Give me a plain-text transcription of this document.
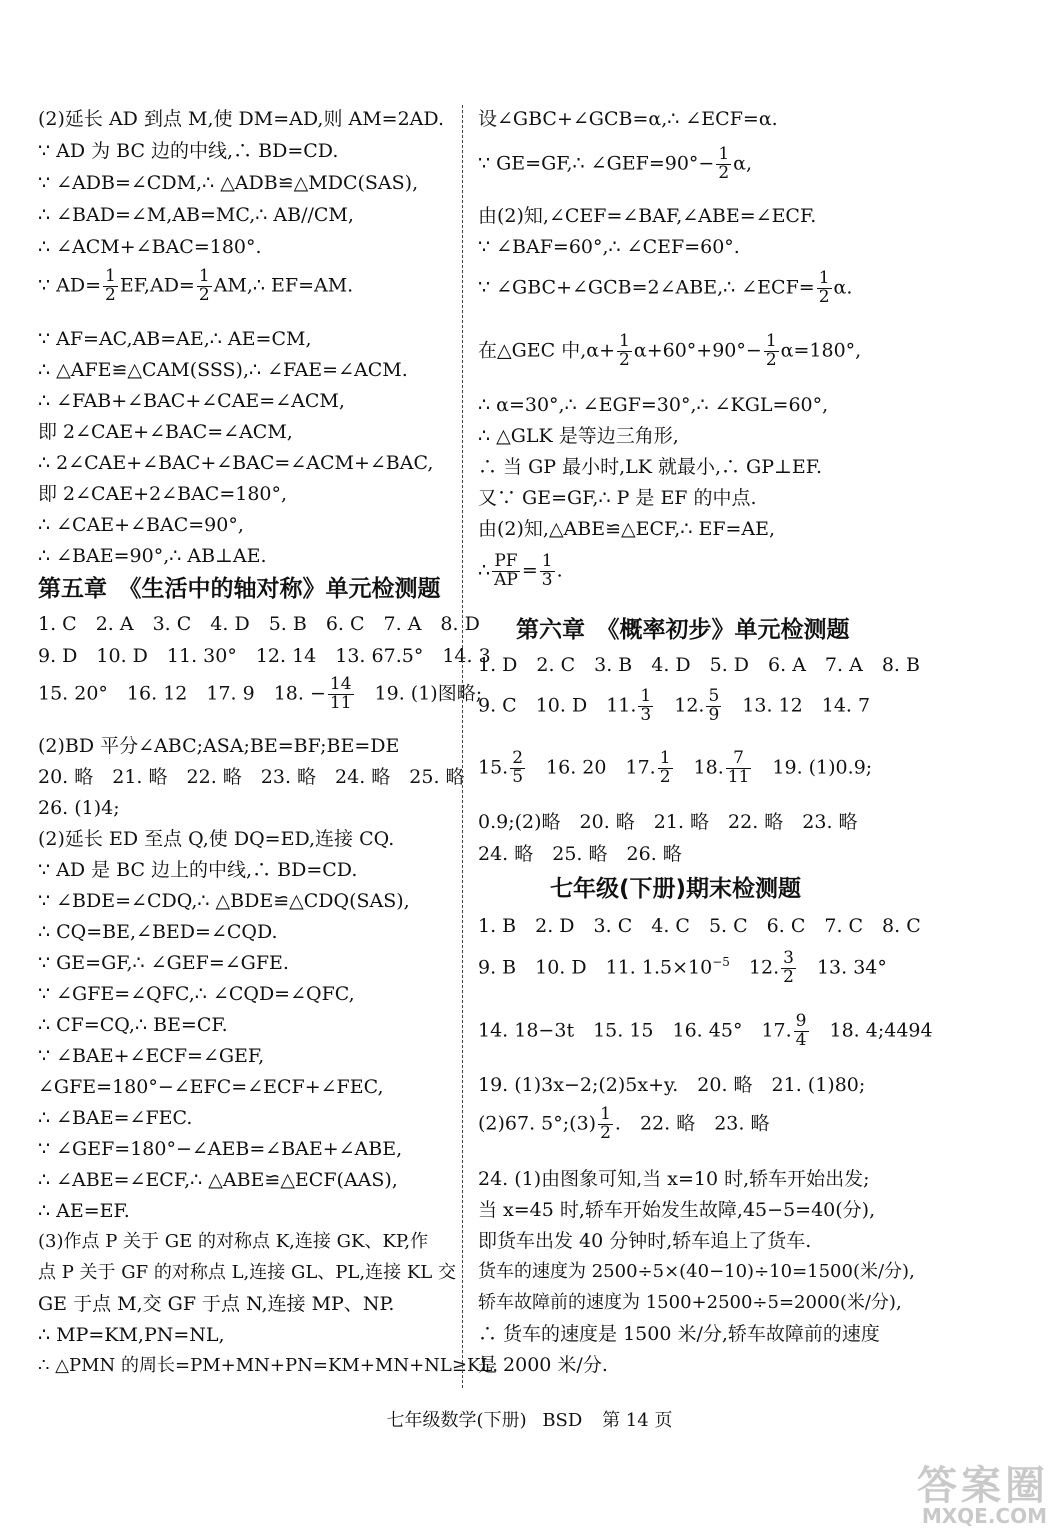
(2)延长 AD 到点 M,使 DM=AD,则 AM=2AD.
∵ AD 为 BC 边的中线,∴ BD=CD.
∵ ∠ADB=∠CDM,∴ △ADB≌△MDC(SAS),
∴ ∠BAD=∠M,AB=MC,∴ AB//CM,
∴ ∠ACM+∠BAC=180°.
∵ $AD= \frac{1}{2} EF,AD= \frac{1}{2}$ AM,∴ EF=AM.
∵ AF=AC,AB=AE,∴ AE=CM,
∴ △AFE≌△CAM(SSS),∴ ∠FAE=∠ACM.
∴ ∠FAB+∠BAC+∠CAE=∠ACM,
即 2∠CAE+∠BAC=∠ACM,
∴ 2∠CAE+∠BAC+∠BAC=∠ACM+∠BAC,
即 2∠CAE+2∠BAC=180°,
∴ ∠CAE+∠BAC=90°,
∴ ∠BAE=90°,∴ AB⊥AE.
第五章　《生活中的轴对称》单元检测题
1. C　2. A　3. C　4. D　5. B　6. C　7. A　8. D
9. D　10. D　11. 30°　12. 14　13. 67.5°　14. 3
15. 20°　16. 12　17. 9　18. − $\frac{14}{11}$ 　19. (1)图略;
(2)BD 平分∠ABC;ASA;BE=BF;BE=DE
20. 略　21. 略　22. 略　23. 略　24. 略　25. 略
26. (1)4;
(2)延长 ED 至点 Q,使 DQ=ED,连接 CQ.
∵ AD 是 BC 边上的中线,∴ BD=CD.
∵ ∠BDE=∠CDQ,∴ △BDE≌△CDQ(SAS),
∴ CQ=BE,∠BED=∠CQD.
∵ GE=GF,∴ ∠GEF=∠GFE.
∵ ∠GFE=∠QFC,∴ ∠CQD=∠QFC,
∴ CF=CQ,∴ BE=CF.
∵ ∠BAE+∠ECF=∠GEF,
∠GFE=180°−∠EFC=∠ECF+∠FEC,
∴ ∠BAE=∠FEC.
∵ ∠GEF=180°−∠AEB=∠BAE+∠ABE,
∴ ∠ABE=∠ECF,∴ △ABE≌△ECF(AAS),
∴ AE=EF.
(3)作点 P 关于 GE 的对称点 K,连接 GK、KP,作
点 P 关于 GF 的对称点 L,连接 GL、PL,连接 KL 交
GE 于点 M,交 GF 于点 N,连接 MP、NP.
∴ MP=KM,PN=NL,
∴ △PMN 的周长=PM+MN+PN=KM+MN+NL≥KL.
设∠GBC+∠GCB=α,∴ ∠ECF=α.
∵ GE=GF,∴ ∠GEF=90°− $\frac{1}{2} \alpha$,
由(2)知,∠CEF=∠BAF,∠ABE=∠ECF.
∵ ∠BAF=60°,∴ ∠CEF=60°.
∵ ∠GBC+∠GCB=2∠ABE,∴ ∠ECF= $\frac{1}{2} \alpha$.
在△GEC 中$,\alpha+ \frac{1}{2} \alpha+60^\circ+90^\circ- \frac{1}{2} \alpha=180^\circ$,
∴ α=30°,∴ ∠EGF=30°,∴ ∠KGL=60°,
∴ △GLK 是等边三角形,
∴ 当 GP 最小时,LK 就最小,∴ GP⊥EF.
又∵ GE=GF,∴ P 是 EF 的中点.
由(2)知,△ABE≌△ECF,∴ EF=AE,
∴ $\frac{PF}{AP} = \frac{1}{3}$ .
第六章　《概率初步》单元检测题
1. D　2. C　3. B　4. D　5. D　6. A　7. A　8. B
9. C　10. D　11. $\frac{1}{3}$ 　12. $\frac{5}{9}$ 　13. 12　14. 7
15. $\frac{2}{5}$ 　16. 20　17. $\frac{1}{2}$ 　18. $\frac{7}{11}$ 　19. (1)0.9;
0.9;(2)略　20. 略　21. 略　22. 略　23. 略
24. 略　25. 略　26. 略
七年级(下册)期末检测题
1. B　2. D　3. C　4. C　5. C　6. C　7. C　8. C
9. B　10. D　11. $1.5\times 10^{-5}$　12. $\frac{3}{2}$ 　13. 34°
14. 18−3t　15. 15　16. 45°　17. $\frac{9}{4}$ 　18. 4;4494
19. (1)3x−2;(2)5x+y.　20. 略　21. (1)80;
(2)67. 5°;(3) $\frac{1}{2}$ .　22. 略　23. 略
24. (1)由图象可知,当 x=10 时,轿车开始出发;
当 x=45 时,轿车开始发生故障,45−5=40(分),
即货车出发 40 分钟时,轿车追上了货车.
货车的速度为 2500÷5×(40−10)÷10=1500(米/分),
轿车故障前的速度为 1500+2500÷5=2000(米/分),
∴ 货车的速度是 1500 米/分,轿车故障前的速度
是 2000 米/分.
七年级数学(下册) BSD 第 14 页
答案圈
MXQE.COM
